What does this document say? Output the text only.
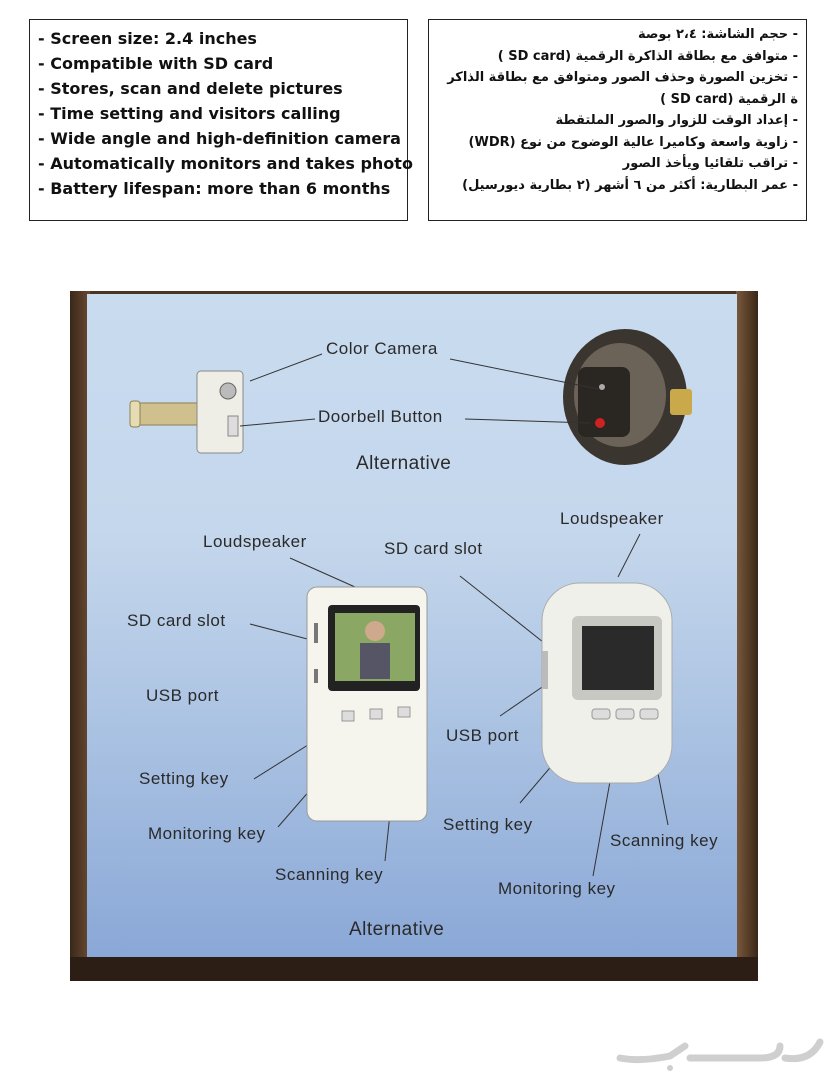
- Screen size: 2.4 inches
- Compatible with SD card
- Stores, scan and delete pictures
- Time setting and visitors calling
- Wide angle and high-definition camera
- Automatically monitors and takes photo
- Battery lifespan: more than 6 months
- حجم الشاشة: ٢،٤ بوصة
- متوافق مع بطاقة الذاكرة الرقمية (SD card )
- تخزين الصورة وحذف الصور ومتوافق مع بطاقة الذاكر
ة الرقمية (SD card )
- إعداد الوقت للزوار والصور الملتقطة
- زاوية واسعة وكاميرا عالية الوضوح من نوع (WDR)
- تراقب تلقائيا ويأخذ الصور
- عمر البطارية: أكثر من ٦ أشهر (٢ بطارية ديورسيل)
Color Camera
Doorbell Button
Alternative
Loudspeaker	SD card slot
Loudspeaker
SD card slot
USB port
USB port
Setting key
Monitoring key	Setting key
Scanning key
Scanning key
Monitoring key
Alternative
